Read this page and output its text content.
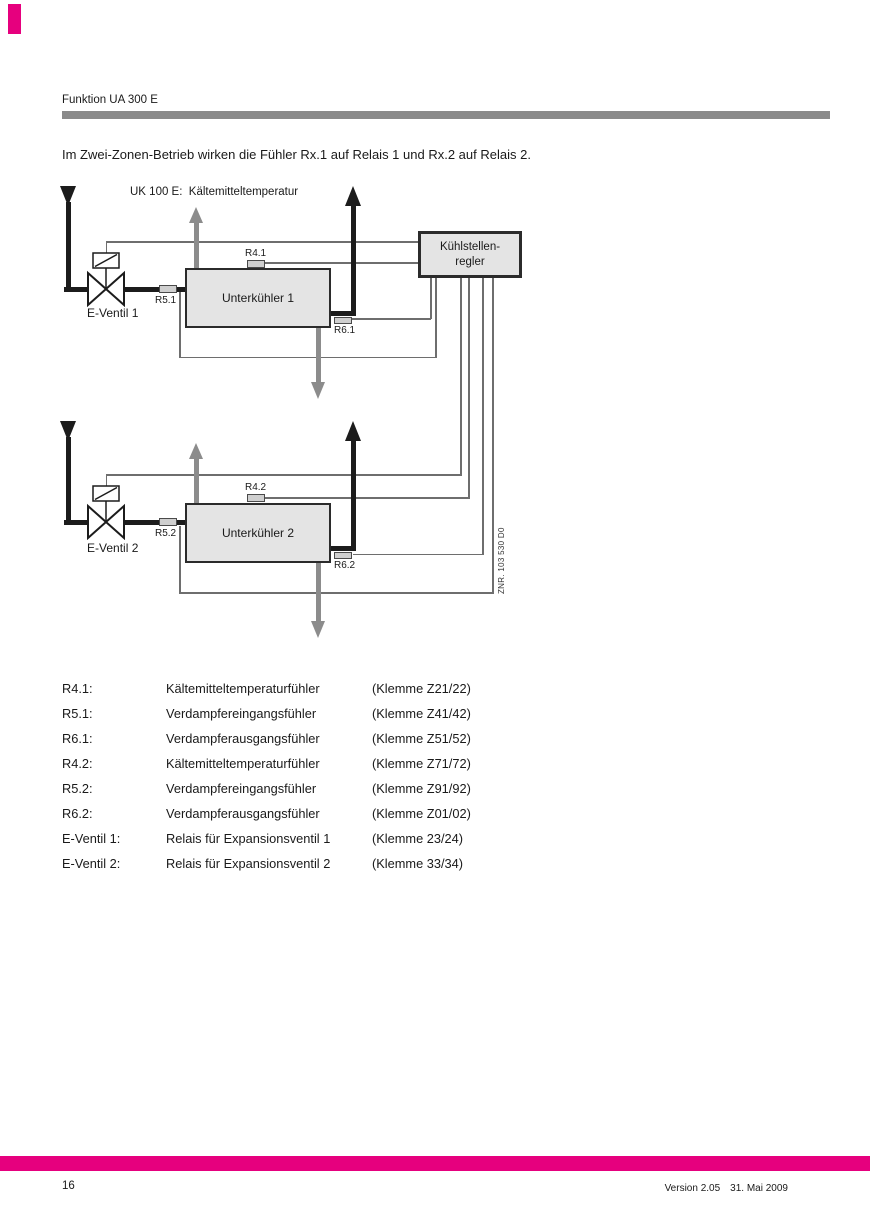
Funktion UA 300 E
Im Zwei-Zonen-Betrieb wirken die Fühler Rx.1 auf Relais 1 und Rx.2 auf Relais 2.
Unterkühler 1
Unterkühler 2
Kühlstellen-
regler
UK 100 E:  Kältemitteltemperatur
R4.1
R5.1
R6.1
E-Ventil 1
R4.2
R5.2
R6.2
E-Ventil 2	ZNR. 103 530 D0
R4.1:	Kältemitteltemperaturfühler	(Klemme Z21/22)
R5.1:	Verdampfereingangsfühler	(Klemme Z41/42)
R6.1:	Verdampferausgangsfühler	(Klemme Z51/52)
R4.2:	Kältemitteltemperaturfühler	(Klemme Z71/72)
R5.2:	Verdampfereingangsfühler	(Klemme Z91/92)
R6.2:	Verdampferausgangsfühler	(Klemme Z01/02)
E-Ventil 1:	Relais für Expansionsventil 1	(Klemme 23/24)
E-Ventil 2:	Relais für Expansionsventil 2	(Klemme 33/34)
16	Version 2.05 31. Mai 2009
